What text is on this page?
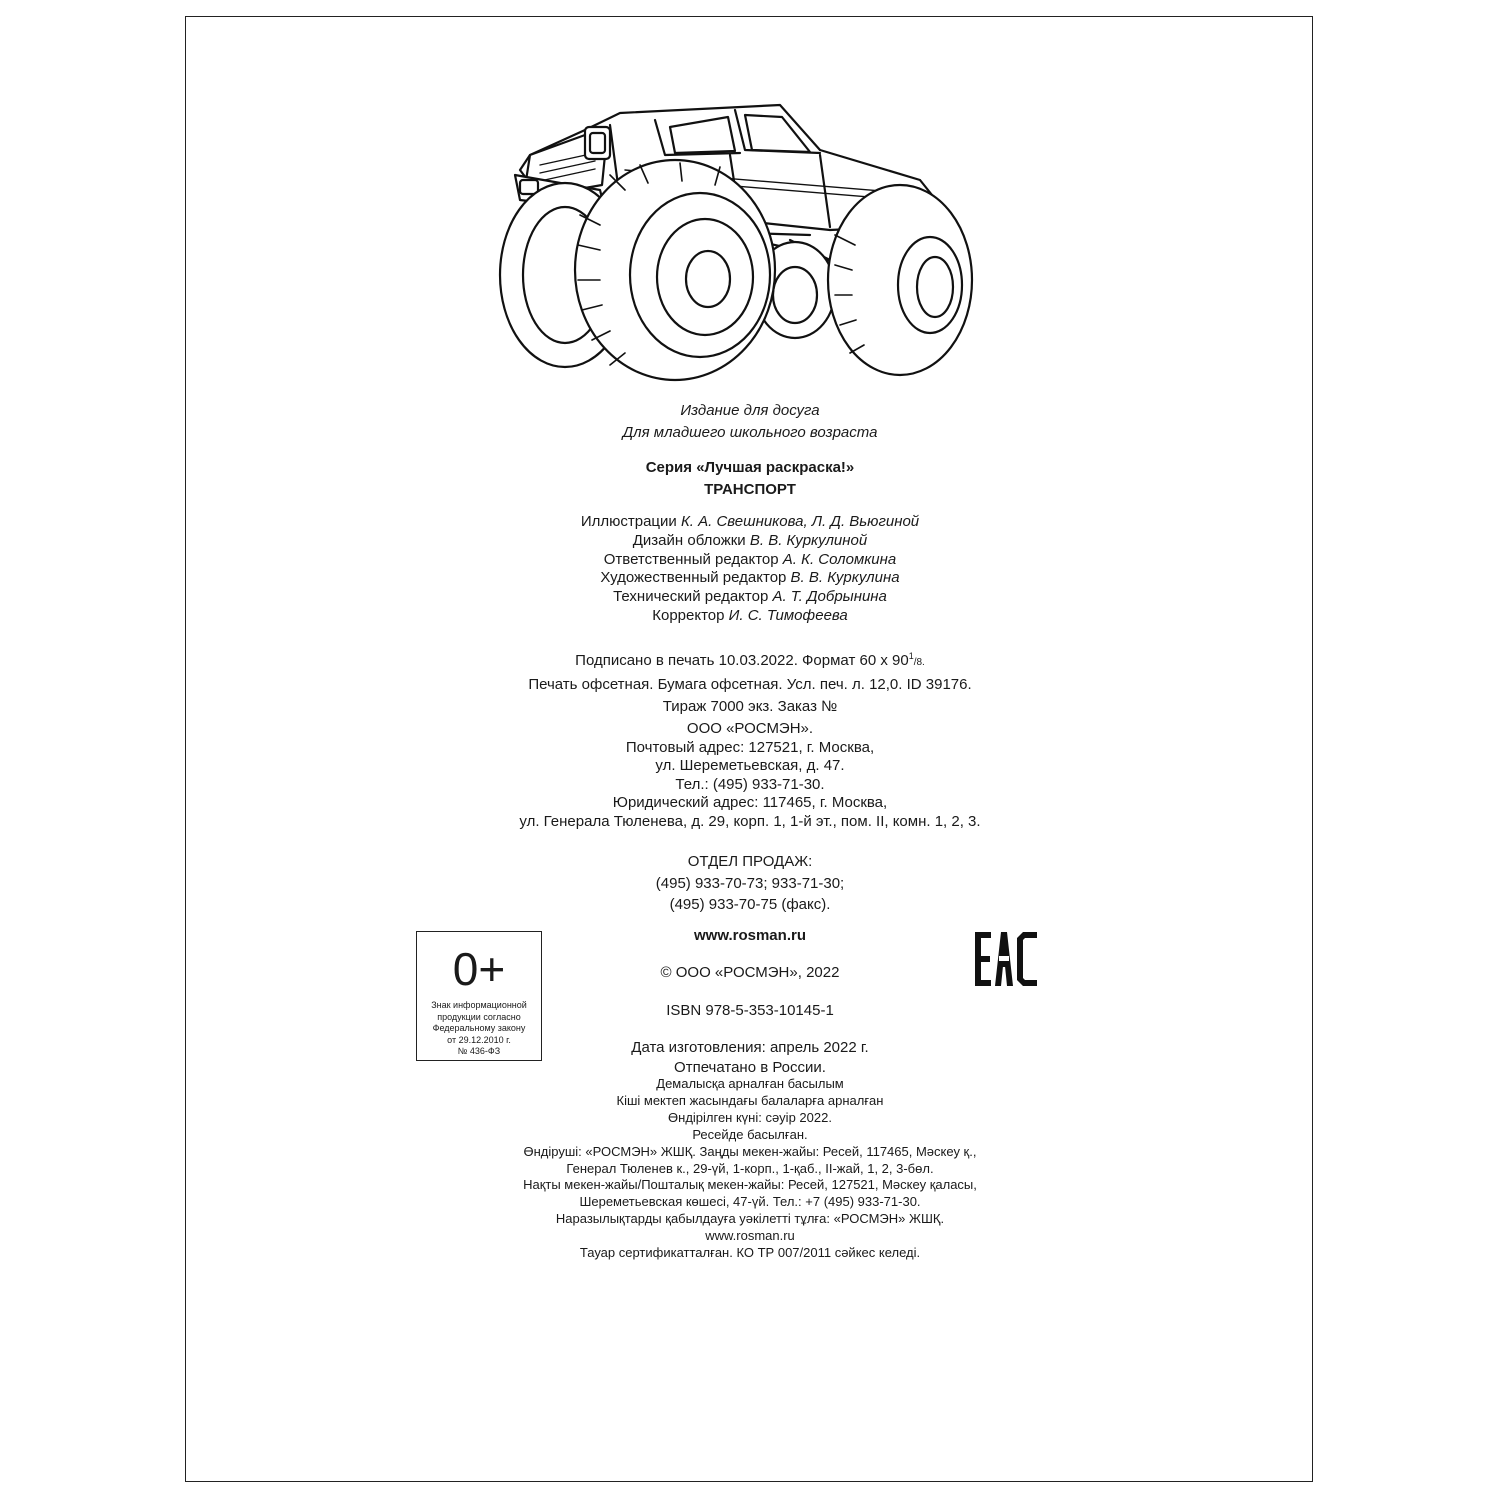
Издание для досуга
Для младшего школьного возраста
Серия «Лучшая раскраска!»
ТРАНСПОРТ
Иллюстрации К. А. Свешникова, Л. Д. Вьюгиной
Дизайн обложки В. В. Куркулиной
Ответственный редактор А. К. Соломкина
Художественный редактор В. В. Куркулина
Технический редактор А. Т. Добрынина
Корректор И. С. Тимофеева
Подписано в печать 10.03.2022. Формат 60 х $90^1/8$.
Печать офсетная. Бумага офсетная. Усл. печ. л. 12,0. ID 39176.
Тираж 7000 экз. Заказ №
ООО «РОСМЭН».
Почтовый адрес: 127521, г. Москва,
ул. Шереметьевская, д. 47.
Тел.: (495) 933-71-30.
Юридический адрес: 117465, г. Москва,
ул. Генерала Тюленева, д. 29, корп. 1, 1-й эт., пом. II, комн. 1, 2, 3.
ОТДЕЛ ПРОДАЖ:
(495) 933-70-73; 933-71-30;
(495) 933-70-75 (факс).
www.rosman.ru
© ООО «РОСМЭН», 2022
ISBN 978-5-353-10145-1
Дата изготовления: апрель 2022 г.
Отпечатано в России.
Демалысқа арналған басылым
Кіші мектеп жасындағы балаларға арналған
Өндірілген күні: сәуір 2022.
Ресейде басылған.
Өндіруші: «РОСМЭН» ЖШҚ. Заңды мекен-жайы: Ресей, 117465, Мәскеу қ.,
Генерал Тюленев к., 29-үй, 1-корп., 1-қаб., II-жай, 1, 2, 3-бөл.
Нақты мекен-жайы/Пошталық мекен-жайы: Ресей, 127521, Мәскеу қаласы,
Шереметьевская көшесі, 47-үй. Тел.: +7 (495) 933-71-30.
Наразылықтарды қабылдауға уәкілетті тұлға: «РОСМЭН» ЖШҚ.
www.rosman.ru
Тауар сертификатталған. КО ТР 007/2011 сәйкес келеді.
0+
Знак информационной
продукции согласно
Федеральному закону
от 29.12.2010 г.
№ 436-ФЗ
